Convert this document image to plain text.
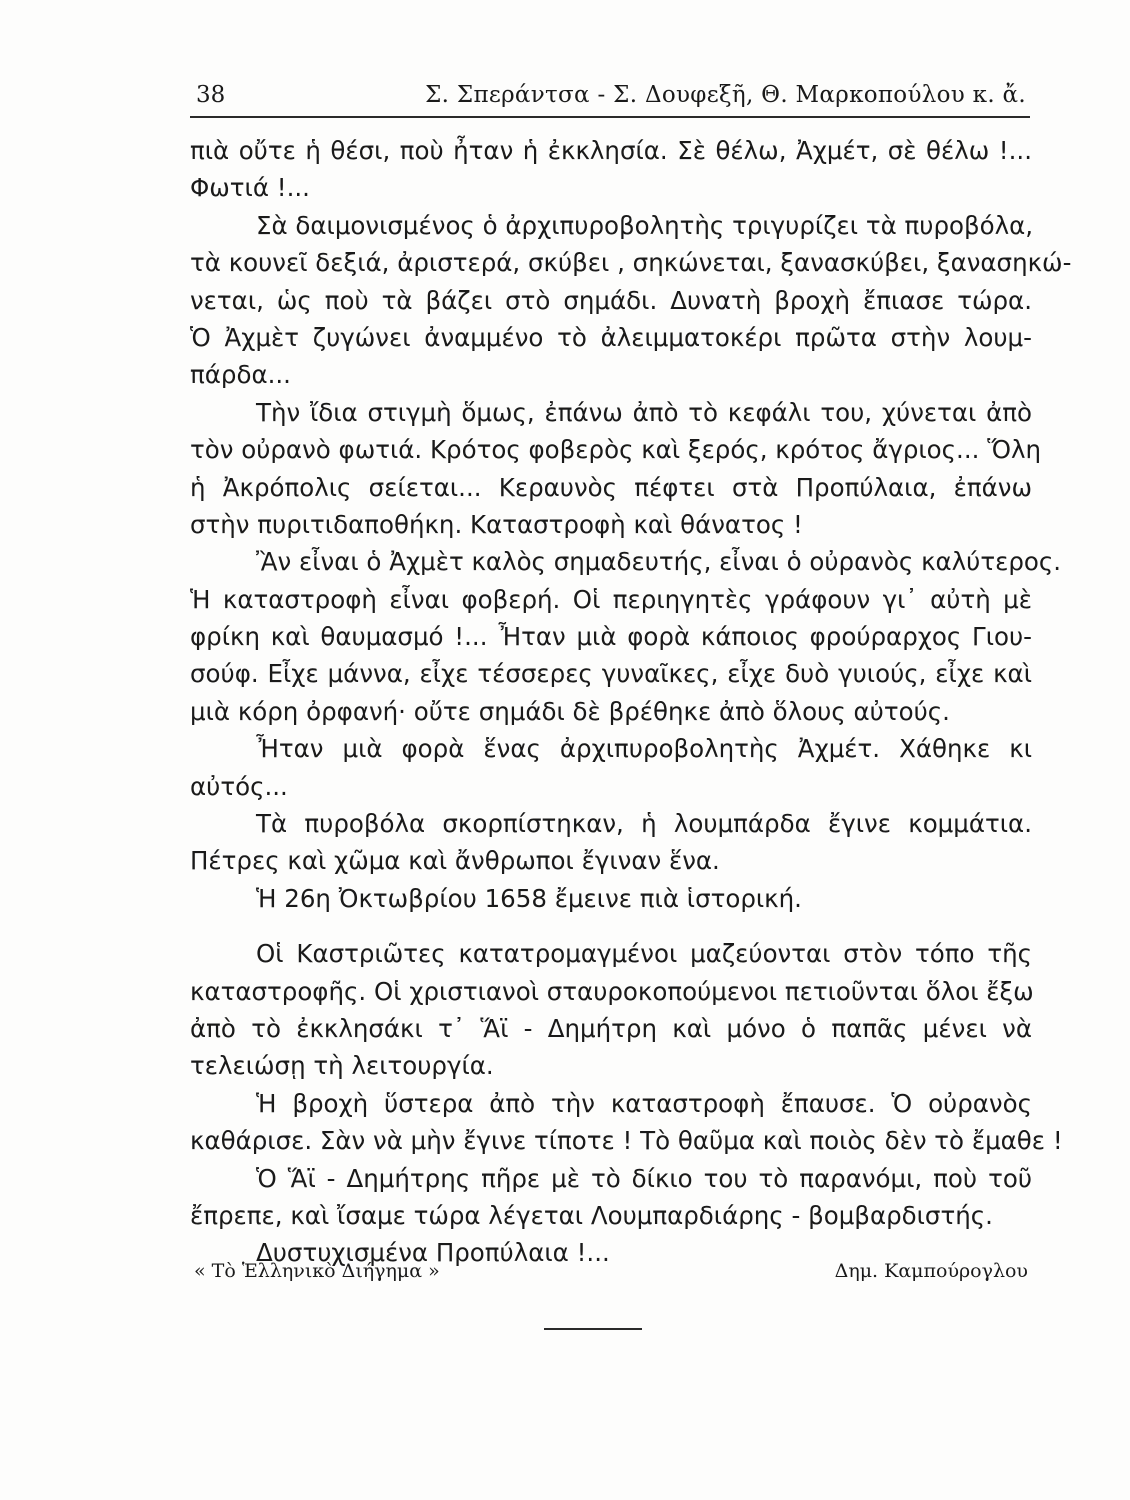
38	Σ. Σπεράντσα - Σ. Δουφεξῆ, Θ. Μαρκοπούλου κ. ἄ.
πιὰ οὔτε ἡ θέσι, ποὺ ἦταν ἡ ἐκκλησία. Σὲ θέλω, Ἀχμέτ, σὲ θέλω !...
Φωτιά !...
Σὰ δαιμονισμένος ὁ ἀρχιπυροβολητὴς τριγυρίζει τὰ πυροβόλα,
τὰ κουνεῖ δεξιά, ἀριστερά, σκύβει , σηκώνεται, ξανασκύβει, ξανασηκώ-
νεται, ὡς ποὺ τὰ βάζει στὸ σημάδι. Δυνατὴ βροχὴ ἔπιασε τώρα.
Ὁ Ἀχμὲτ ζυγώνει ἀναμμένο τὸ ἀλειμματοκέρι πρῶτα στὴν λουμ-
πάρδα...
Τὴν ἴδια στιγμὴ ὅμως, ἐπάνω ἀπὸ τὸ κεφάλι του, χύνεται ἀπὸ
τὸν οὐρανὸ φωτιά. Κρότος φοβερὸς καὶ ξερός, κρότος ἄγριος... Ὅλη
ἡ Ἀκρόπολις σείεται... Κεραυνὸς πέφτει στὰ Προπύλαια, ἐπάνω
στὴν πυριτιδαποθήκη. Καταστροφὴ καὶ θάνατος !
Ἂν εἶναι ὁ Ἀχμὲτ καλὸς σημαδευτής, εἶναι ὁ οὐρανὸς καλύτερος.
Ἡ καταστροφὴ εἶναι φοβερή. Οἱ περιηγητὲς γράφουν γι᾿ αὐτὴ μὲ
φρίκη καὶ θαυμασμό !... Ἦταν μιὰ φορὰ κάποιος φρούραρχος Γιου-
σούφ. Εἶχε μάννα, εἶχε τέσσερες γυναῖκες, εἶχε δυὸ γυιούς, εἶχε καὶ
μιὰ κόρη ὀρφανή· οὔτε σημάδι δὲ βρέθηκε ἀπὸ ὅλους αὐτούς.
Ἦταν μιὰ φορὰ ἕνας ἀρχιπυροβολητὴς Ἀχμέτ. Χάθηκε κι
αὐτός...
Τὰ πυροβόλα σκορπίστηκαν, ἡ λουμπάρδα ἔγινε κομμάτια.
Πέτρες καὶ χῶμα καὶ ἄνθρωποι ἔγιναν ἕνα.
Ἡ 26η Ὀκτωβρίου 1658 ἔμεινε πιὰ ἱστορική.
Οἱ Καστριῶτες κατατρομαγμένοι μαζεύονται στὸν τόπο τῆς
καταστροφῆς. Οἱ χριστιανοὶ σταυροκοπούμενοι πετιοῦνται ὅλοι ἔξω
ἀπὸ τὸ ἐκκλησάκι τ᾿ Ἅϊ - Δημήτρη καὶ μόνο ὁ παπᾶς μένει νὰ
τελειώσῃ τὴ λειτουργία.
Ἡ βροχὴ ὕστερα ἀπὸ τὴν καταστροφὴ ἔπαυσε. Ὁ οὐρανὸς
καθάρισε. Σὰν νὰ μὴν ἔγινε τίποτε ! Τὸ θαῦμα καὶ ποιὸς δὲν τὸ ἔμαθε !
Ὁ Ἅϊ - Δημήτρης πῆρε μὲ τὸ δίκιο του τὸ παρανόμι, ποὺ τοῦ
ἔπρεπε, καὶ ἴσαμε τώρα λέγεται Λουμπαρδιάρης - βομβαρδιστής.
Δυστυχισμένα Προπύλαια !...
« Τὸ Ἑλληνικὸ Διήγημα »	Δημ. Καμπούρογλου
